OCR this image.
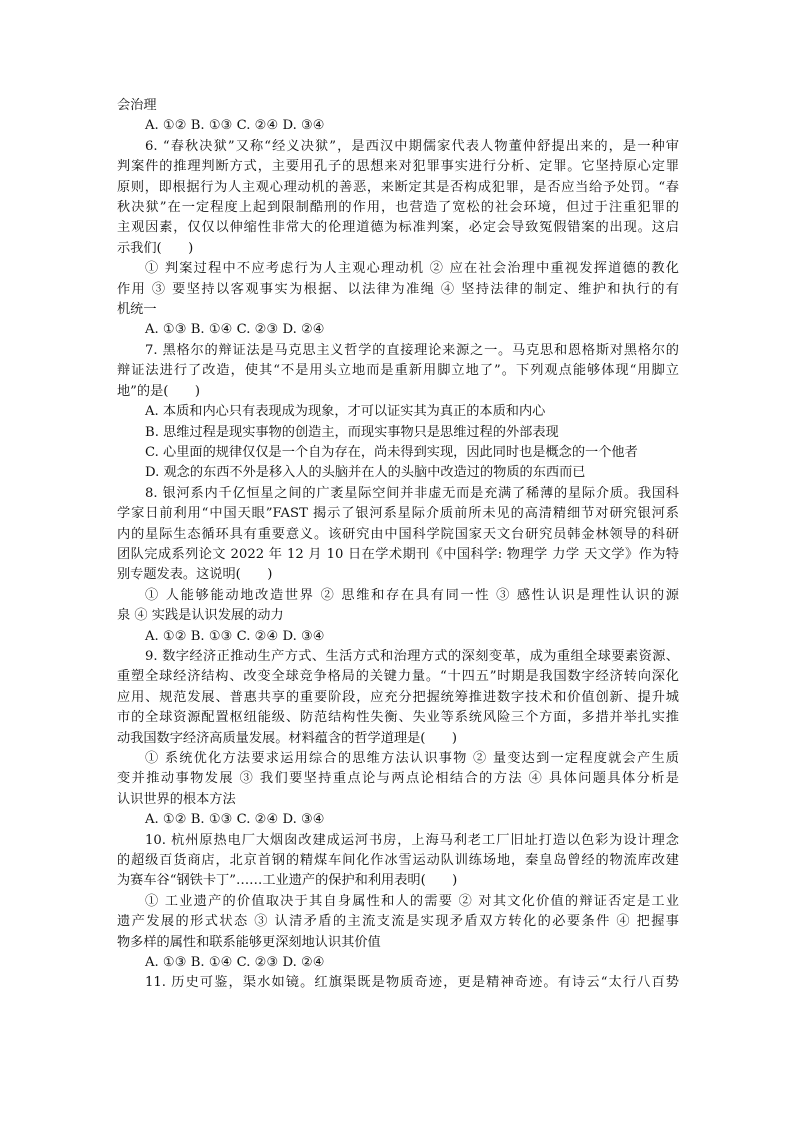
会治理
A. ①② B. ①③ C. ②④ D. ③④
6. “春秋决狱”又称“经义决狱”，是西汉中期儒家代表人物董仲舒提出来的，是一种审
判案件的推理判断方式，主要用孔子的思想来对犯罪事实进行分析、定罪。它坚持原心定罪
原则，即根据行为人主观心理动机的善恶，来断定其是否构成犯罪，是否应当给予处罚。“春
秋决狱”在一定程度上起到限制酷刑的作用，也营造了宽松的社会环境，但过于注重犯罪的
主观因素，仅仅以伸缩性非常大的伦理道德为标准判案，必定会导致冤假错案的出现。这启
示我们(　　)
① 判案过程中不应考虑行为人主观心理动机 ② 应在社会治理中重视发挥道德的教化
作用 ③ 要坚持以客观事实为根据、以法律为准绳 ④ 坚持法律的制定、维护和执行的有
机统一
A. ①③ B. ①④ C. ②③ D. ②④
7. 黑格尔的辩证法是马克思主义哲学的直接理论来源之一。马克思和恩格斯对黑格尔的
辩证法进行了改造，使其“不是用头立地而是重新用脚立地了”。下列观点能够体现“用脚立
地”的是(　　)
A. 本质和内心只有表现成为现象，才可以证实其为真正的本质和内心
B. 思维过程是现实事物的创造主，而现实事物只是思维过程的外部表现
C. 心里面的规律仅仅是一个自为存在，尚未得到实现，因此同时也是概念的一个他者
D. 观念的东西不外是移入人的头脑并在人的头脑中改造过的物质的东西而已
8. 银河系内千亿恒星之间的广袤星际空间并非虚无而是充满了稀薄的星际介质。我国科
学家日前利用“中国天眼”FAST 揭示了银河系星际介质前所未见的高清精细节对研究银河系
内的星际生态循环具有重要意义。该研究由中国科学院国家天文台研究员韩金林领导的科研
团队完成系列论文 2022 年 12 月 10 日在学术期刊《中国科学: 物理学 力学 天文学》作为特
别专题发表。这说明(　　)
① 人能够能动地改造世界 ② 思维和存在具有同一性 ③ 感性认识是理性认识的源
泉 ④ 实践是认识发展的动力
A. ①② B. ①③ C. ②④ D. ③④
9. 数字经济正推动生产方式、生活方式和治理方式的深刻变革，成为重组全球要素资源、
重塑全球经济结构、改变全球竞争格局的关键力量。“十四五”时期是我国数字经济转向深化
应用、规范发展、普惠共享的重要阶段，应充分把握统筹推进数字技术和价值创新、提升城
市的全球资源配置枢纽能级、防范结构性失衡、失业等系统风险三个方面，多措并举扎实推
动我国数字经济高质量发展。材料蕴含的哲学道理是(　　)
① 系统优化方法要求运用综合的思维方法认识事物 ② 量变达到一定程度就会产生质
变并推动事物发展 ③ 我们要坚持重点论与两点论相结合的方法 ④ 具体问题具体分析是
认识世界的根本方法
A. ①② B. ①③ C. ②④ D. ③④
10. 杭州原热电厂大烟囱改建成运河书房，上海马利老工厂旧址打造以色彩为设计理念
的超级百货商店，北京首钢的精煤车间化作冰雪运动队训练场地，秦皇岛曾经的物流库改建
为赛车谷“钢铁卡丁”……工业遗产的保护和利用表明(　　)
① 工业遗产的价值取决于其自身属性和人的需要 ② 对其文化价值的辩证否定是工业
遗产发展的形式状态 ③ 认清矛盾的主流支流是实现矛盾双方转化的必要条件 ④ 把握事
物多样的属性和联系能够更深刻地认识其价值
A. ①③ B. ①④ C. ②③ D. ②④
11. 历史可鉴，渠水如镜。红旗渠既是物质奇迹，更是精神奇迹。有诗云“太行八百势
